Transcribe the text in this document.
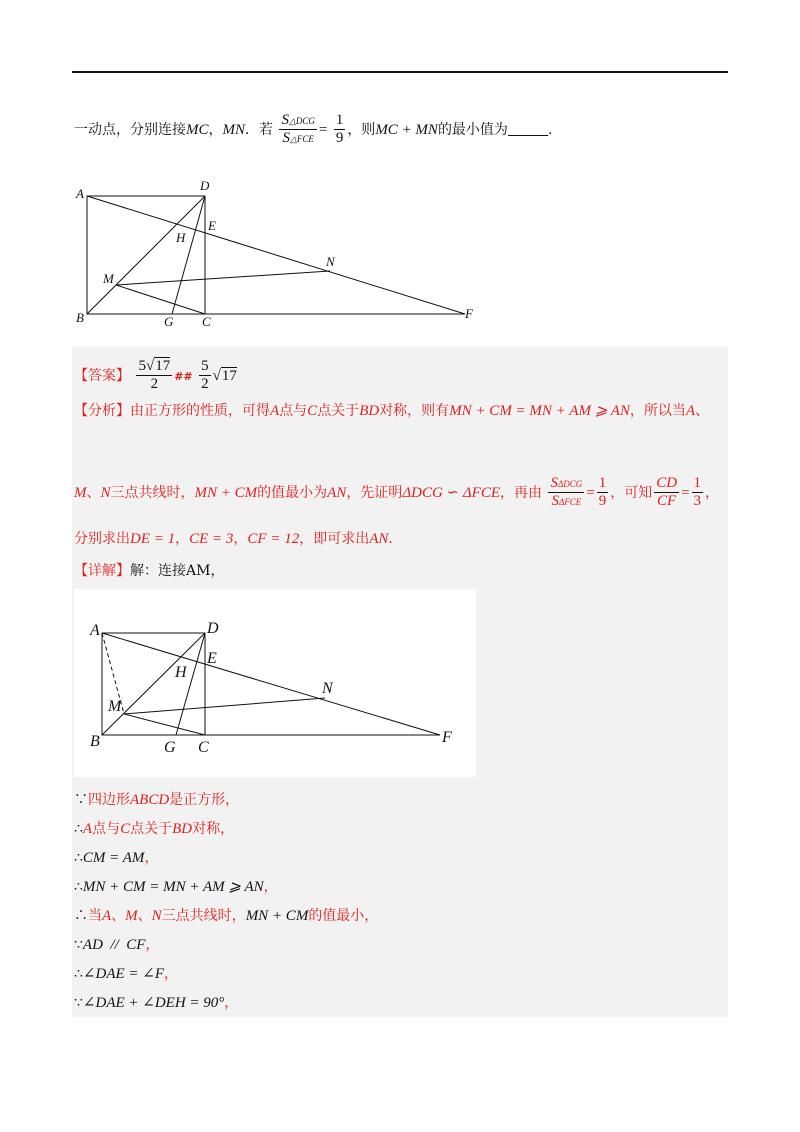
一动点，分别连接MC，MN．若 $\frac{\text{S△DCG}}{\text{S△FCE}} = \frac{1}{9}$ ，则MC + MN的最小值为	.
A
D
E
H
N
M
B	G C
F
【答案】 $\frac{5√17}{2}$ ## $\frac{5}{2} √17$
【分析】由正方形的性质，可得A点与C点关于BD对称，则有MN + CM = MN + AM ⩾ AN，所以当A、
M、N三点共线时，MN + CM的值最小为AN，先证明ΔDCG ∽ ΔFCE，再由 $\frac{\text{SΔDCG}}{\text{SΔFCE}} = \frac{1}{9}$ ，可知 $\frac{CD}{CF} = \frac{1}{3}$ ，
分别求出DE = 1，CE = 3，CF = 12，即可求出AN．
【详解】解：连接AM，
A	D
E
H
N
M
B	G C
F
∵四边形ABCD是正方形，
∴A点与C点关于BD对称，
∴CM = AM，
∴MN + CM = MN + AM ⩾ AN，
∴当A、M、N三点共线时，MN + CM的值最小，
∵AD  //  CF，
∴∠DAE = ∠F，
∵∠DAE + ∠DEH = 90°，
